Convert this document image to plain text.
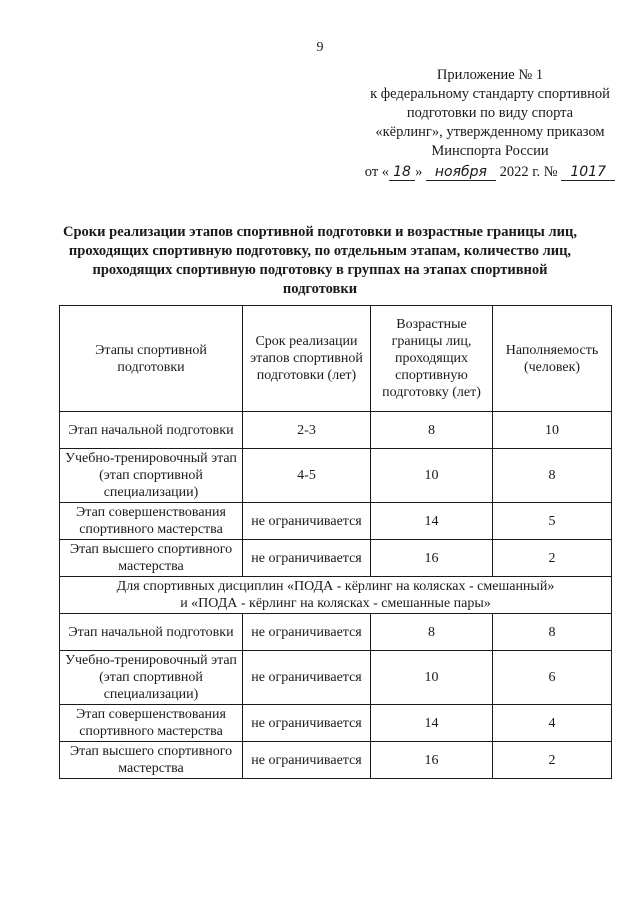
9
Приложение № 1
к федеральному стандарту спортивной
подготовки по виду спорта
«кёрлинг», утвержденному приказом
Минспорта России
от « 18 » ноября 2022 г. № 1017
Сроки реализации этапов спортивной подготовки и возрастные границы лиц, проходящих спортивную подготовку, по отдельным этапам, количество лиц, проходящих спортивную подготовку в группах на этапах спортивной подготовки
Этапы спортивной подготовки	Срок реализации этапов спортивной подготовки (лет)	Возрастные границы лиц, проходящих спортивную подготовку (лет)	Наполняемость (человек)
Этап начальной подготовки	2-3	8	10
Учебно-тренировочный этап (этап спортивной специализации)	4-5	10	8
Этап совершенствования спортивного мастерства	не ограничивается	14	5
Этап высшего спортивного мастерства	не ограничивается	16	2

Для спортивных дисциплин «ПОДА - кёрлинг на колясках - смешанный»
и «ПОДА - кёрлинг на колясках - смешанные пары»			

Этап начальной подготовки	не ограничивается	8	8
Учебно-тренировочный этап (этап спортивной специализации)	не ограничивается	10	6
Этап совершенствования спортивного мастерства	не ограничивается	14	4
Этап высшего спортивного мастерства	не ограничивается	16	2
